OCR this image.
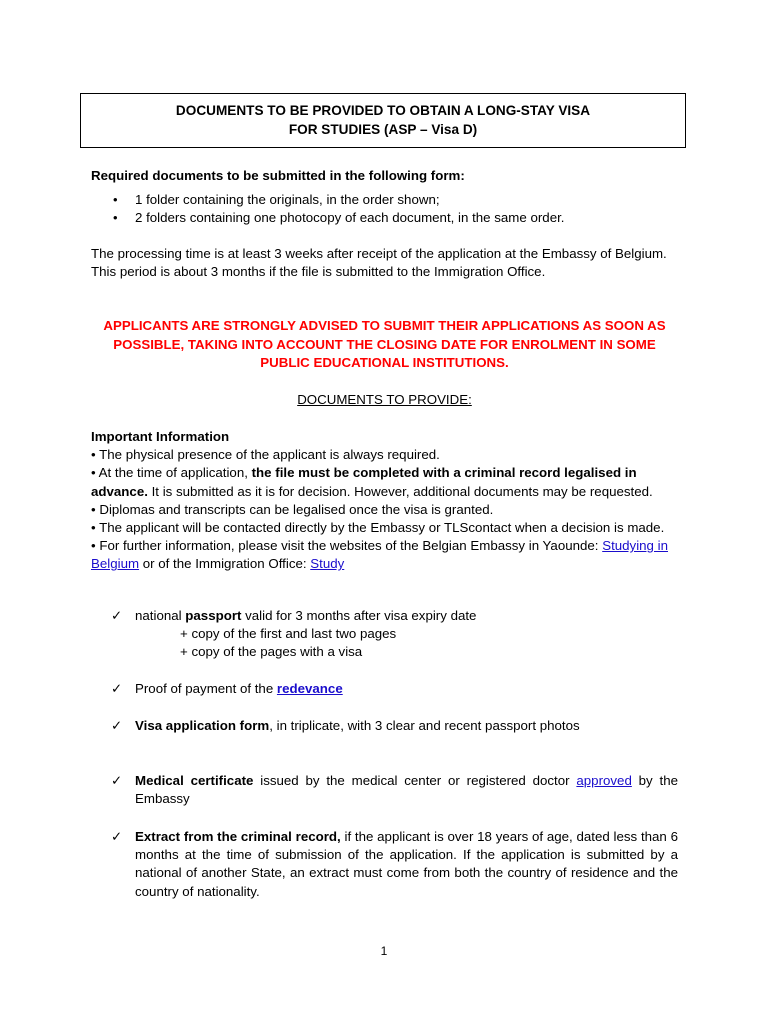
DOCUMENTS TO BE PROVIDED TO OBTAIN A LONG-STAY VISA
FOR STUDIES (ASP – Visa D)
Required documents to be submitted in the following form:
• 1 folder containing the originals, in the order shown;
• 2 folders containing one photocopy of each document, in the same order.
The processing time is at least 3 weeks after receipt of the application at the Embassy of Belgium. This period is about 3 months if the file is submitted to the Immigration Office.
APPLICANTS ARE STRONGLY ADVISED TO SUBMIT THEIR APPLICATIONS AS SOON AS
POSSIBLE, TAKING INTO ACCOUNT THE CLOSING DATE FOR ENROLMENT IN SOME
PUBLIC EDUCATIONAL INSTITUTIONS.
DOCUMENTS TO PROVIDE:
Important Information
• The physical presence of the applicant is always required.
• At the time of application, the file must be completed with a criminal record legalised in advance. It is submitted as it is for decision. However, additional documents may be requested.
• Diplomas and transcripts can be legalised once the visa is granted.
• The applicant will be contacted directly by the Embassy or TLScontact when a decision is made.
• For further information, please visit the websites of the Belgian Embassy in Yaounde: Studying in Belgium or of the Immigration Office: Study
✓ national passport valid for 3 months after visa expiry date
+ copy of the first and last two pages
+ copy of the pages with a visa
✓ Proof of payment of the redevance
✓ Visa application form, in triplicate, with 3 clear and recent passport photos
✓ Medical certificate issued by the medical center or registered doctor approved by the Embassy
✓ Extract from the criminal record, if the applicant is over 18 years of age, dated less than 6 months at the time of submission of the application. If the application is submitted by a national of another State, an extract must come from both the country of residence and the country of nationality.
1
